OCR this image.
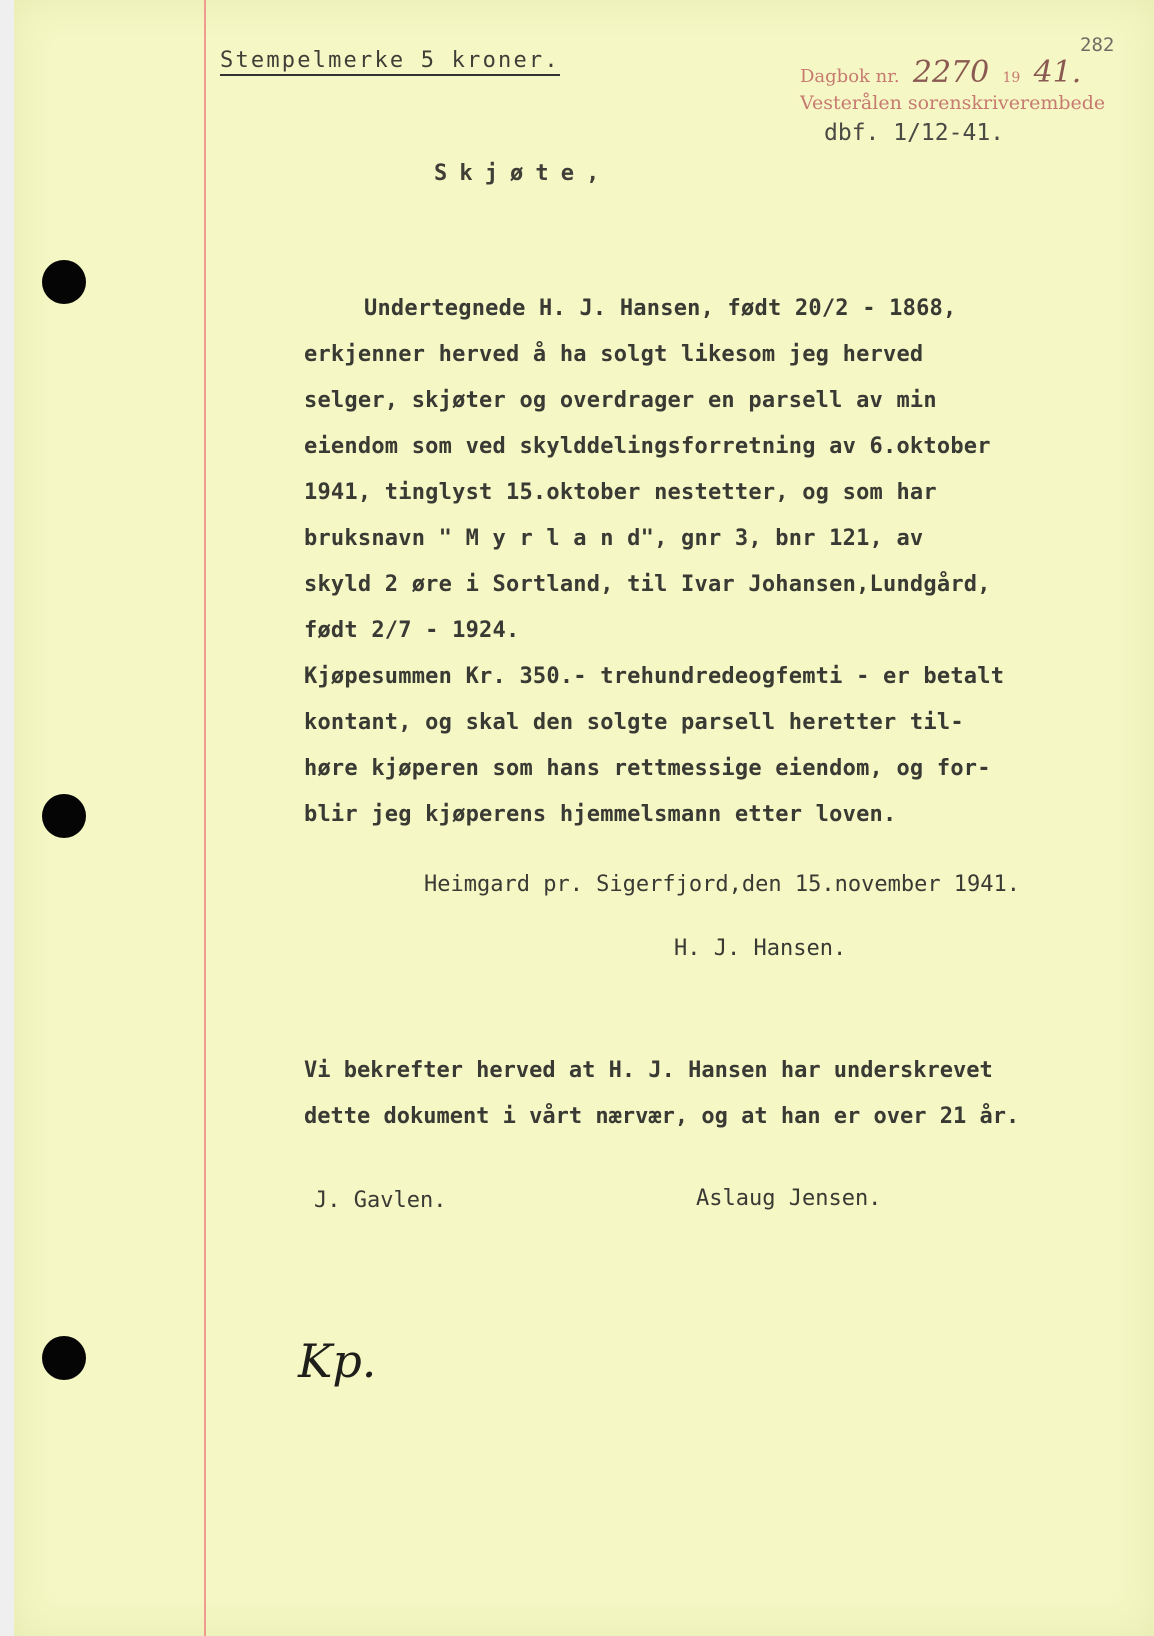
Stempelmerke 5 kroner.
282
Dagbok nr. 2270 19 41.
Vesterålen sorenskriverembede
dbf. 1/12-41.
Skjøte,
Undertegnede H. J. Hansen, født 20/2 - 1868,
erkjenner herved å ha solgt likesom jeg herved
selger, skjøter og overdrager en parsell av min
eiendom som ved skylddelingsforretning av 6.oktober
1941, tinglyst 15.oktober nestetter, og som har
bruksnavn " M y r l a n d", gnr 3, bnr 121, av
skyld 2 øre i Sortland, til Ivar Johansen,Lundgård,
født 2/7 - 1924.
Kjøpesummen Kr. 350.- trehundredeogfemti - er betalt
kontant, og skal den solgte parsell heretter til-
høre kjøperen som hans rettmessige eiendom, og for-
blir jeg kjøperens hjemmelsmann etter loven.
Heimgard pr. Sigerfjord,den 15.november 1941.
H. J. Hansen.
Vi bekrefter herved at H. J. Hansen har underskrevet
dette dokument i vårt nærvær, og at han er over 21 år.
J. Gavlen.	Aslaug Jensen.
Kp.
